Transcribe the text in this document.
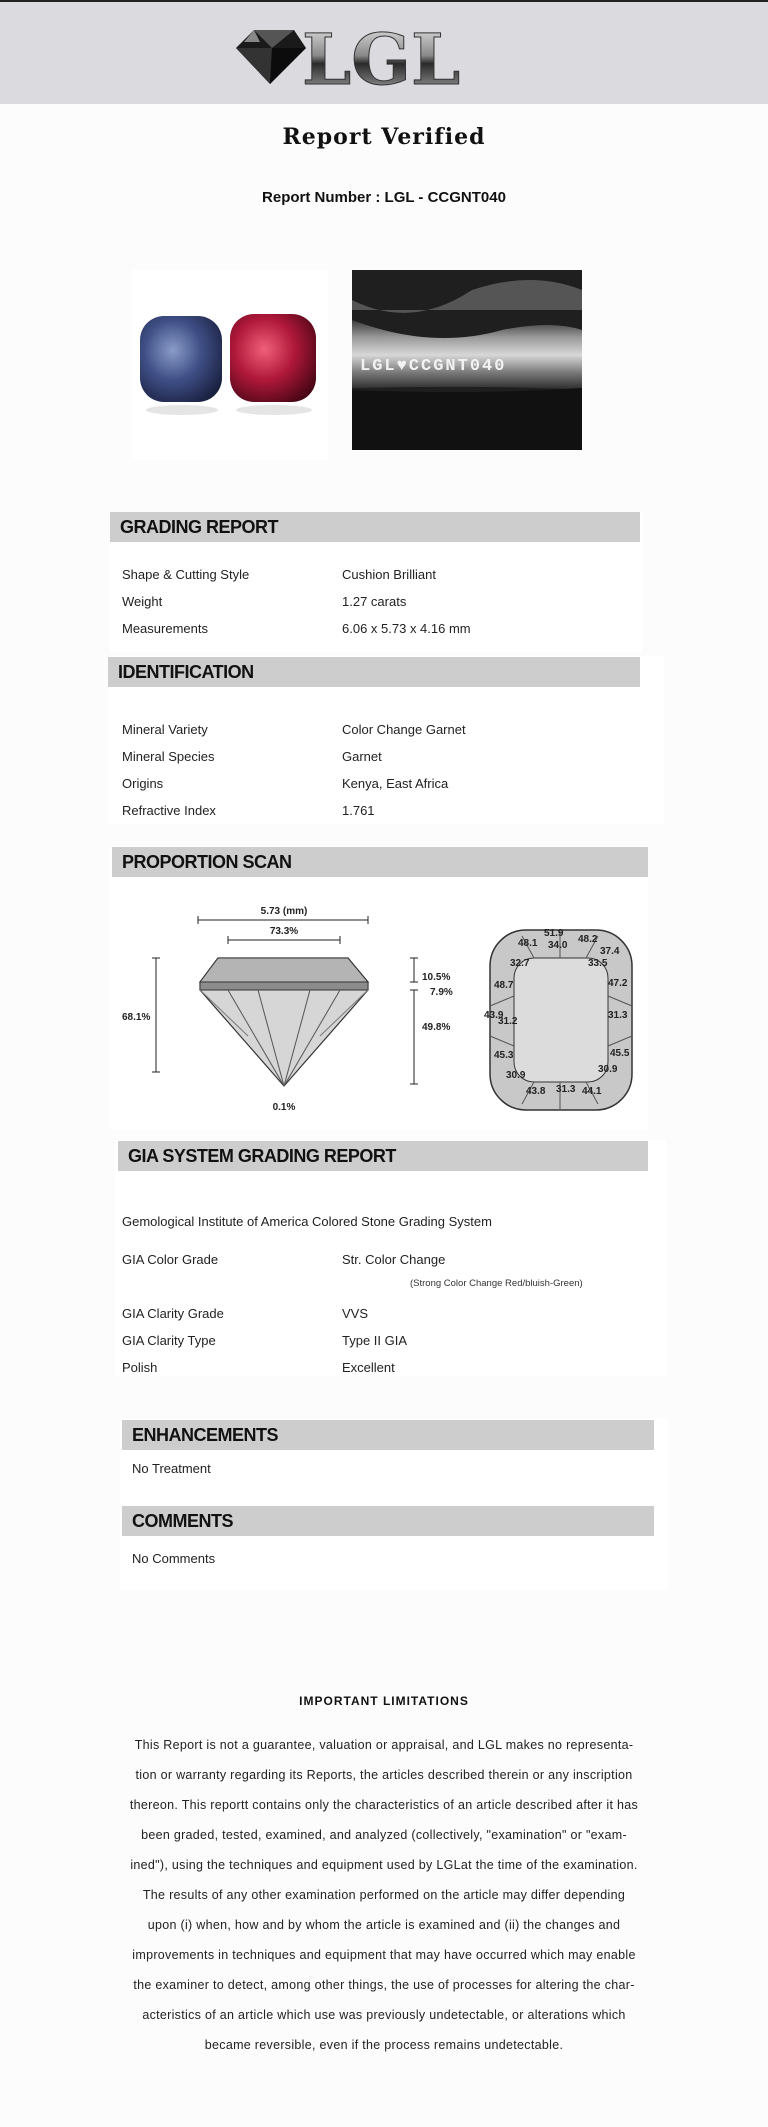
LGL
Report Verified
Report Number : LGL - CCGNT040
LGL♥CCGNT040
GRADING REPORT
Shape & Cutting Style	Cushion Brilliant
Weight	1.27 carats
Measurements	6.06 x 5.73 x 4.16 mm
IDENTIFICATION
Mineral Variety	Color Change Garnet
Mineral Species	Garnet
Origins	Kenya, East Africa
Refractive Index	1.761
PROPORTION SCAN
5.73 (mm)
73.3%
68.1%
10.5%
7.9%
49.8%
0.1%
51.9
48.1 34.0
48.2
37.4
32.7	33.5
48.7	47.2
43.9
31.2
31.3
45.3	45.5
30.9
30.9
43.8 31.3 44.1
GIA SYSTEM GRADING REPORT
Gemological Institute of America Colored Stone Grading System
GIA Color Grade	Str. Color Change
(Strong Color Change Red/bluish-Green)
GIA Clarity Grade	VVS
GIA Clarity Type	Type II GIA
Polish	Excellent
ENHANCEMENTS
No Treatment
COMMENTS
No Comments
IMPORTANT LIMITATIONS
This Report is not a guarantee, valuation or appraisal, and LGL makes no representa-
tion or warranty regarding its Reports, the articles described therein or any inscription
thereon. This reportt contains only the characteristics of an article described after it has
been graded, tested, examined, and analyzed (collectively, "examination" or "exam-
ined"), using the techniques and equipment used by LGLat the time of the examination.
The results of any other examination performed on the article may differ depending
upon (i) when, how and by whom the article is examined and (ii) the changes and
improvements in techniques and equipment that may have occurred which may enable
the examiner to detect, among other things, the use of processes for altering the char-
acteristics of an article which use was previously undetectable, or alterations which
became reversible, even if the process remains undetectable.
